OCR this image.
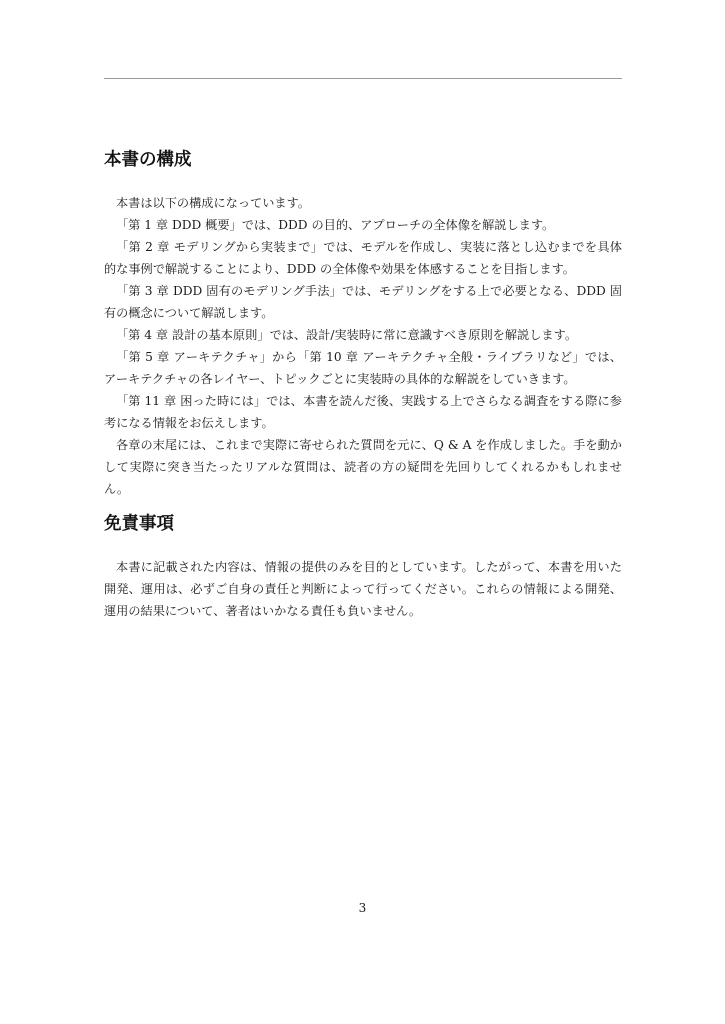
本書の構成

本書は以下の構成になっています。

「第 1 章 DDD 概要」では、DDD の目的、アプローチの全体像を解説します。

「第 2 章 モデリングから実装まで」では、モデルを作成し、実装に落とし込むまでを具体的な事例で解説することにより、DDD の全体像や効果を体感することを目指します。

「第 3 章 DDD 固有のモデリング手法」では、モデリングをする上で必要となる、DDD 固有の概念について解説します。

「第 4 章 設計の基本原則」では、設計/実装時に常に意識すべき原則を解説します。

「第 5 章 アーキテクチャ」から「第 10 章 アーキテクチャ全般・ライブラリなど」では、アーキテクチャの各レイヤー、トピックごとに実装時の具体的な解説をしていきます。

「第 11 章 困った時には」では、本書を読んだ後、実践する上でさらなる調査をする際に参考になる情報をお伝えします。

各章の末尾には、これまで実際に寄せられた質問を元に、Q & A を作成しました。手を動かして実際に突き当たったリアルな質問は、読者の方の疑問を先回りしてくれるかもしれません。

免責事項

本書に記載された内容は、情報の提供のみを目的としています。したがって、本書を用いた開発、運用は、必ずご自身の責任と判断によって行ってください。これらの情報による開発、運用の結果について、著者はいかなる責任も負いません。

3
